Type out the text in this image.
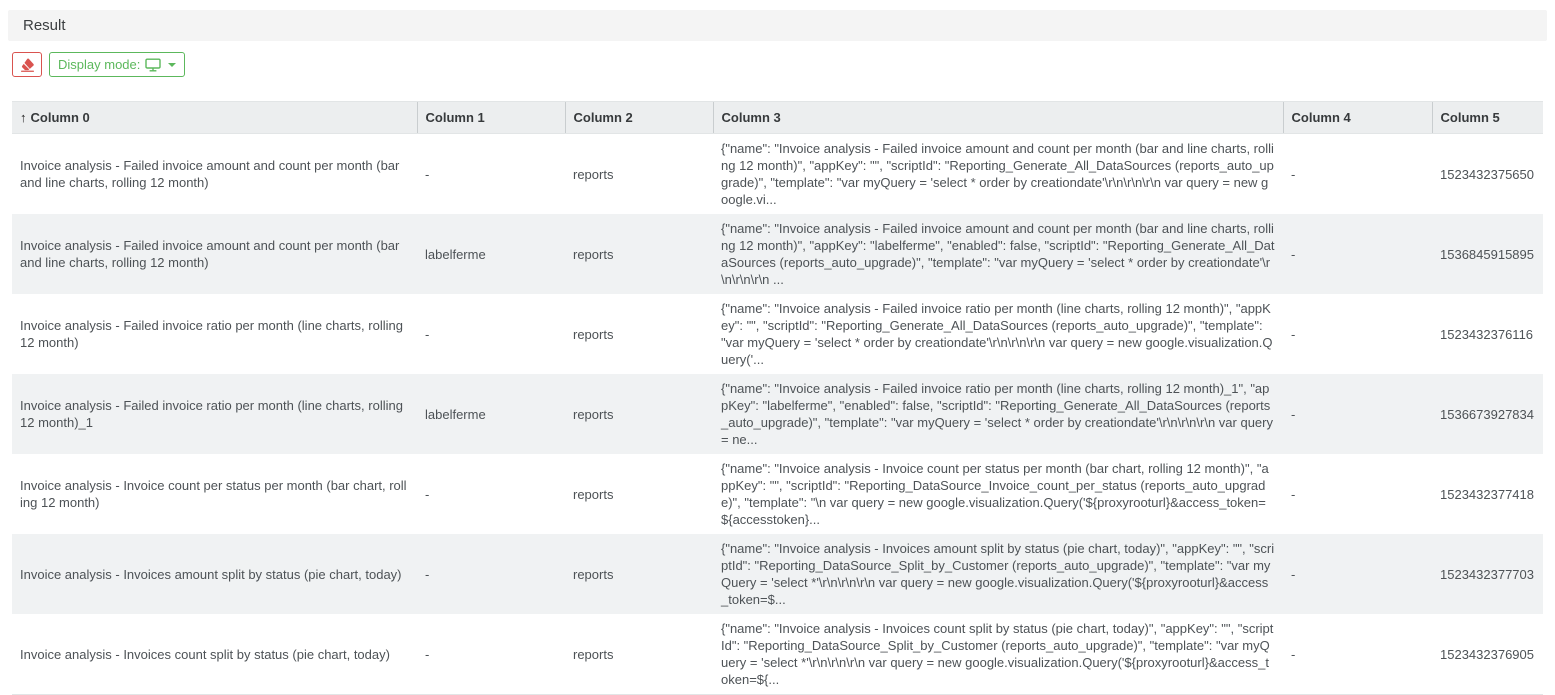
Result
Display mode:
↑ Column 0	Column 1	Column 2	Column 3	Column 4	Column 5
Invoice analysis - Failed invoice amount and count per month (bar and line charts, rolling 12 month)	-	reports	{"name": "Invoice analysis - Failed invoice amount and count per month (bar and line charts, rolling 12 month)", "appKey": "", "scriptId": "Reporting_Generate_All_DataSources (reports_auto_upgrade)", "template": "var myQuery = 'select * order by creationdate'\r\n\r\n\r\n var query = new google.vi...	-	1523432375650
Invoice analysis - Failed invoice amount and count per month (bar and line charts, rolling 12 month)	labelferme	reports	{"name": "Invoice analysis - Failed invoice amount and count per month (bar and line charts, rolling 12 month)", "appKey": "labelferme", "enabled": false, "scriptId": "Reporting_Generate_All_DataSources (reports_auto_upgrade)", "template": "var myQuery = 'select * order by creationdate'\r\n\r\n\r\n ...	-	1536845915895
Invoice analysis - Failed invoice ratio per month (line charts, rolling 12 month)	-	reports	{"name": "Invoice analysis - Failed invoice ratio per month (line charts, rolling 12 month)", "appKey": "", "scriptId": "Reporting_Generate_All_DataSources (reports_auto_upgrade)", "template": "var myQuery = 'select * order by creationdate'\r\n\r\n\r\n var query = new google.visualization.Query('...	-	1523432376116
Invoice analysis - Failed invoice ratio per month (line charts, rolling 12 month)_1	labelferme	reports	{"name": "Invoice analysis - Failed invoice ratio per month (line charts, rolling 12 month)_1", "appKey": "labelferme", "enabled": false, "scriptId": "Reporting_Generate_All_DataSources (reports_auto_upgrade)", "template": "var myQuery = 'select * order by creationdate'\r\n\r\n\r\n var query = ne...	-	1536673927834
Invoice analysis - Invoice count per status per month (bar chart, rolling 12 month)	-	reports	{"name": "Invoice analysis - Invoice count per status per month (bar chart, rolling 12 month)", "appKey": "", "scriptId": "Reporting_DataSource_Invoice_count_per_status (reports_auto_upgrade)", "template": "\n var query = new google.visualization.Query('${proxyrooturl}&access_token=${accesstoken}...	-	1523432377418
Invoice analysis - Invoices amount split by status (pie chart, today)	-	reports	{"name": "Invoice analysis - Invoices amount split by status (pie chart, today)", "appKey": "", "scriptId": "Reporting_DataSource_Split_by_Customer (reports_auto_upgrade)", "template": "var myQuery = 'select *'\r\n\r\n\r\n var query = new google.visualization.Query('${proxyrooturl}&access_token=$...	-	1523432377703
Invoice analysis - Invoices count split by status (pie chart, today)	-	reports	{"name": "Invoice analysis - Invoices count split by status (pie chart, today)", "appKey": "", "scriptId": "Reporting_DataSource_Split_by_Customer (reports_auto_upgrade)", "template": "var myQuery = 'select *'\r\n\r\n\r\n var query = new google.visualization.Query('${proxyrooturl}&access_token=${...	-	1523432376905
